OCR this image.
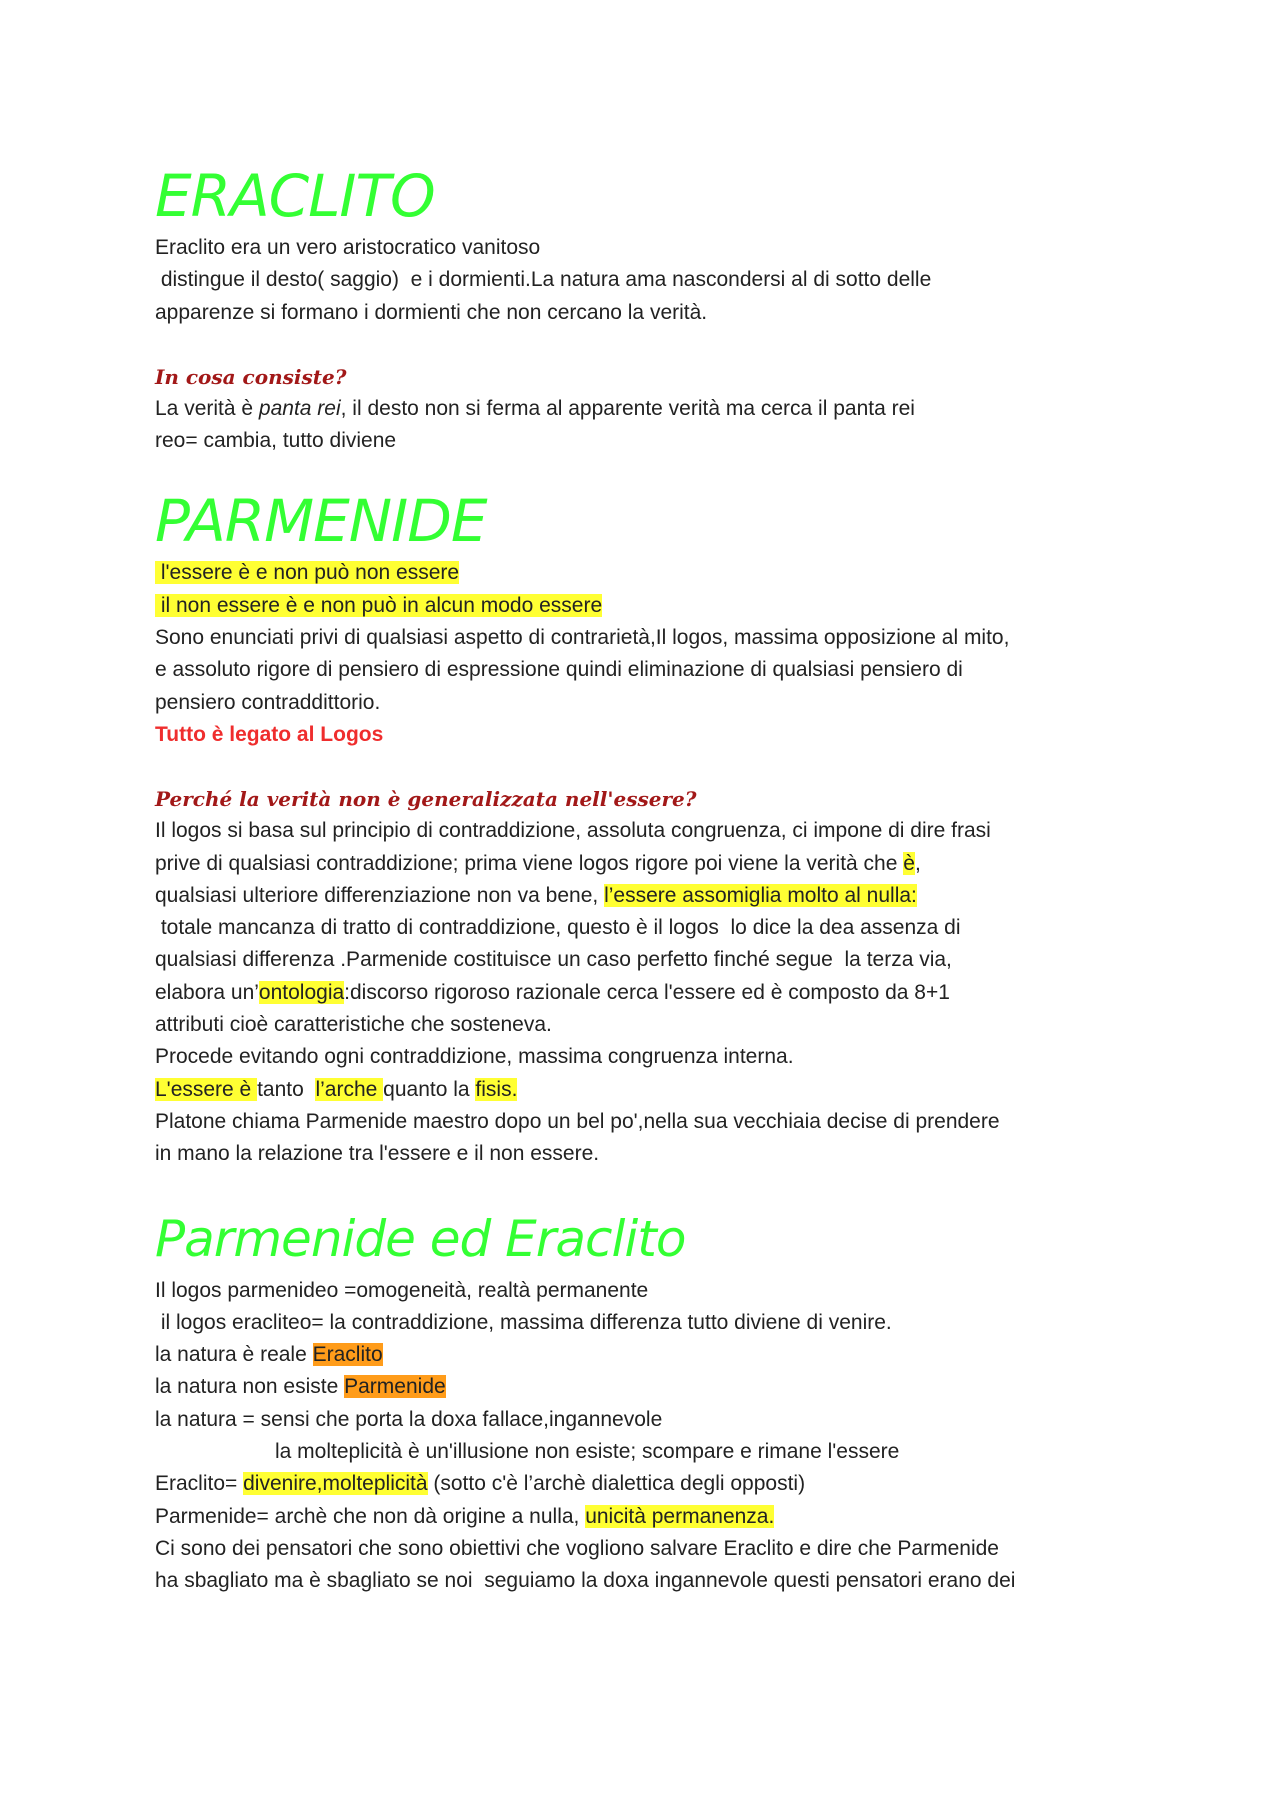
ERACLITO

Eraclito era un vero aristocratico vanitoso

distingue il desto( saggio)  e i dormienti.La natura ama nascondersi al di sotto delle

apparenze si formano i dormienti che non cercano la verità.

In cosa consiste?

La verità è panta rei, il desto non si ferma al apparente verità ma cerca il panta rei

reo= cambia, tutto diviene

PARMENIDE

l'essere è e non può non essere

il non essere è e non può in alcun modo essere

Sono enunciati privi di qualsiasi aspetto di contrarietà,Il logos, massima opposizione al mito,

e assoluto rigore di pensiero di espressione quindi eliminazione di qualsiasi pensiero di

pensiero contraddittorio.

Tutto è legato al Logos

Perché la verità non è generalizzata nell'essere?

Il logos si basa sul principio di contraddizione, assoluta congruenza, ci impone di dire frasi

prive di qualsiasi contraddizione; prima viene logos rigore poi viene la verità che è,

qualsiasi ulteriore differenziazione non va bene, l’essere assomiglia molto al nulla:

totale mancanza di tratto di contraddizione, questo è il logos  lo dice la dea assenza di

qualsiasi differenza .Parmenide costituisce un caso perfetto finché segue  la terza via,

elabora un’ontologia:discorso rigoroso razionale cerca l'essere ed è composto da 8+1

attributi cioè caratteristiche che sosteneva.

Procede evitando ogni contraddizione, massima congruenza interna.

L'essere è tanto  l’arche quanto la fisis.

Platone chiama Parmenide maestro dopo un bel po',nella sua vecchiaia decise di prendere

in mano la relazione tra l'essere e il non essere.

Parmenide ed Eraclito

Il logos parmenideo =omogeneità, realtà permanente

il logos eracliteo= la contraddizione, massima differenza tutto diviene di venire.

la natura è reale Eraclito

la natura non esiste Parmenide

la natura = sensi che porta la doxa fallace,ingannevole

la molteplicità è un'illusione non esiste; scompare e rimane l'essere

Eraclito= divenire,molteplicità (sotto c'è l’archè dialettica degli opposti)

Parmenide= archè che non dà origine a nulla, unicità permanenza.

Ci sono dei pensatori che sono obiettivi che vogliono salvare Eraclito e dire che Parmenide

ha sbagliato ma è sbagliato se noi  seguiamo la doxa ingannevole questi pensatori erano dei
